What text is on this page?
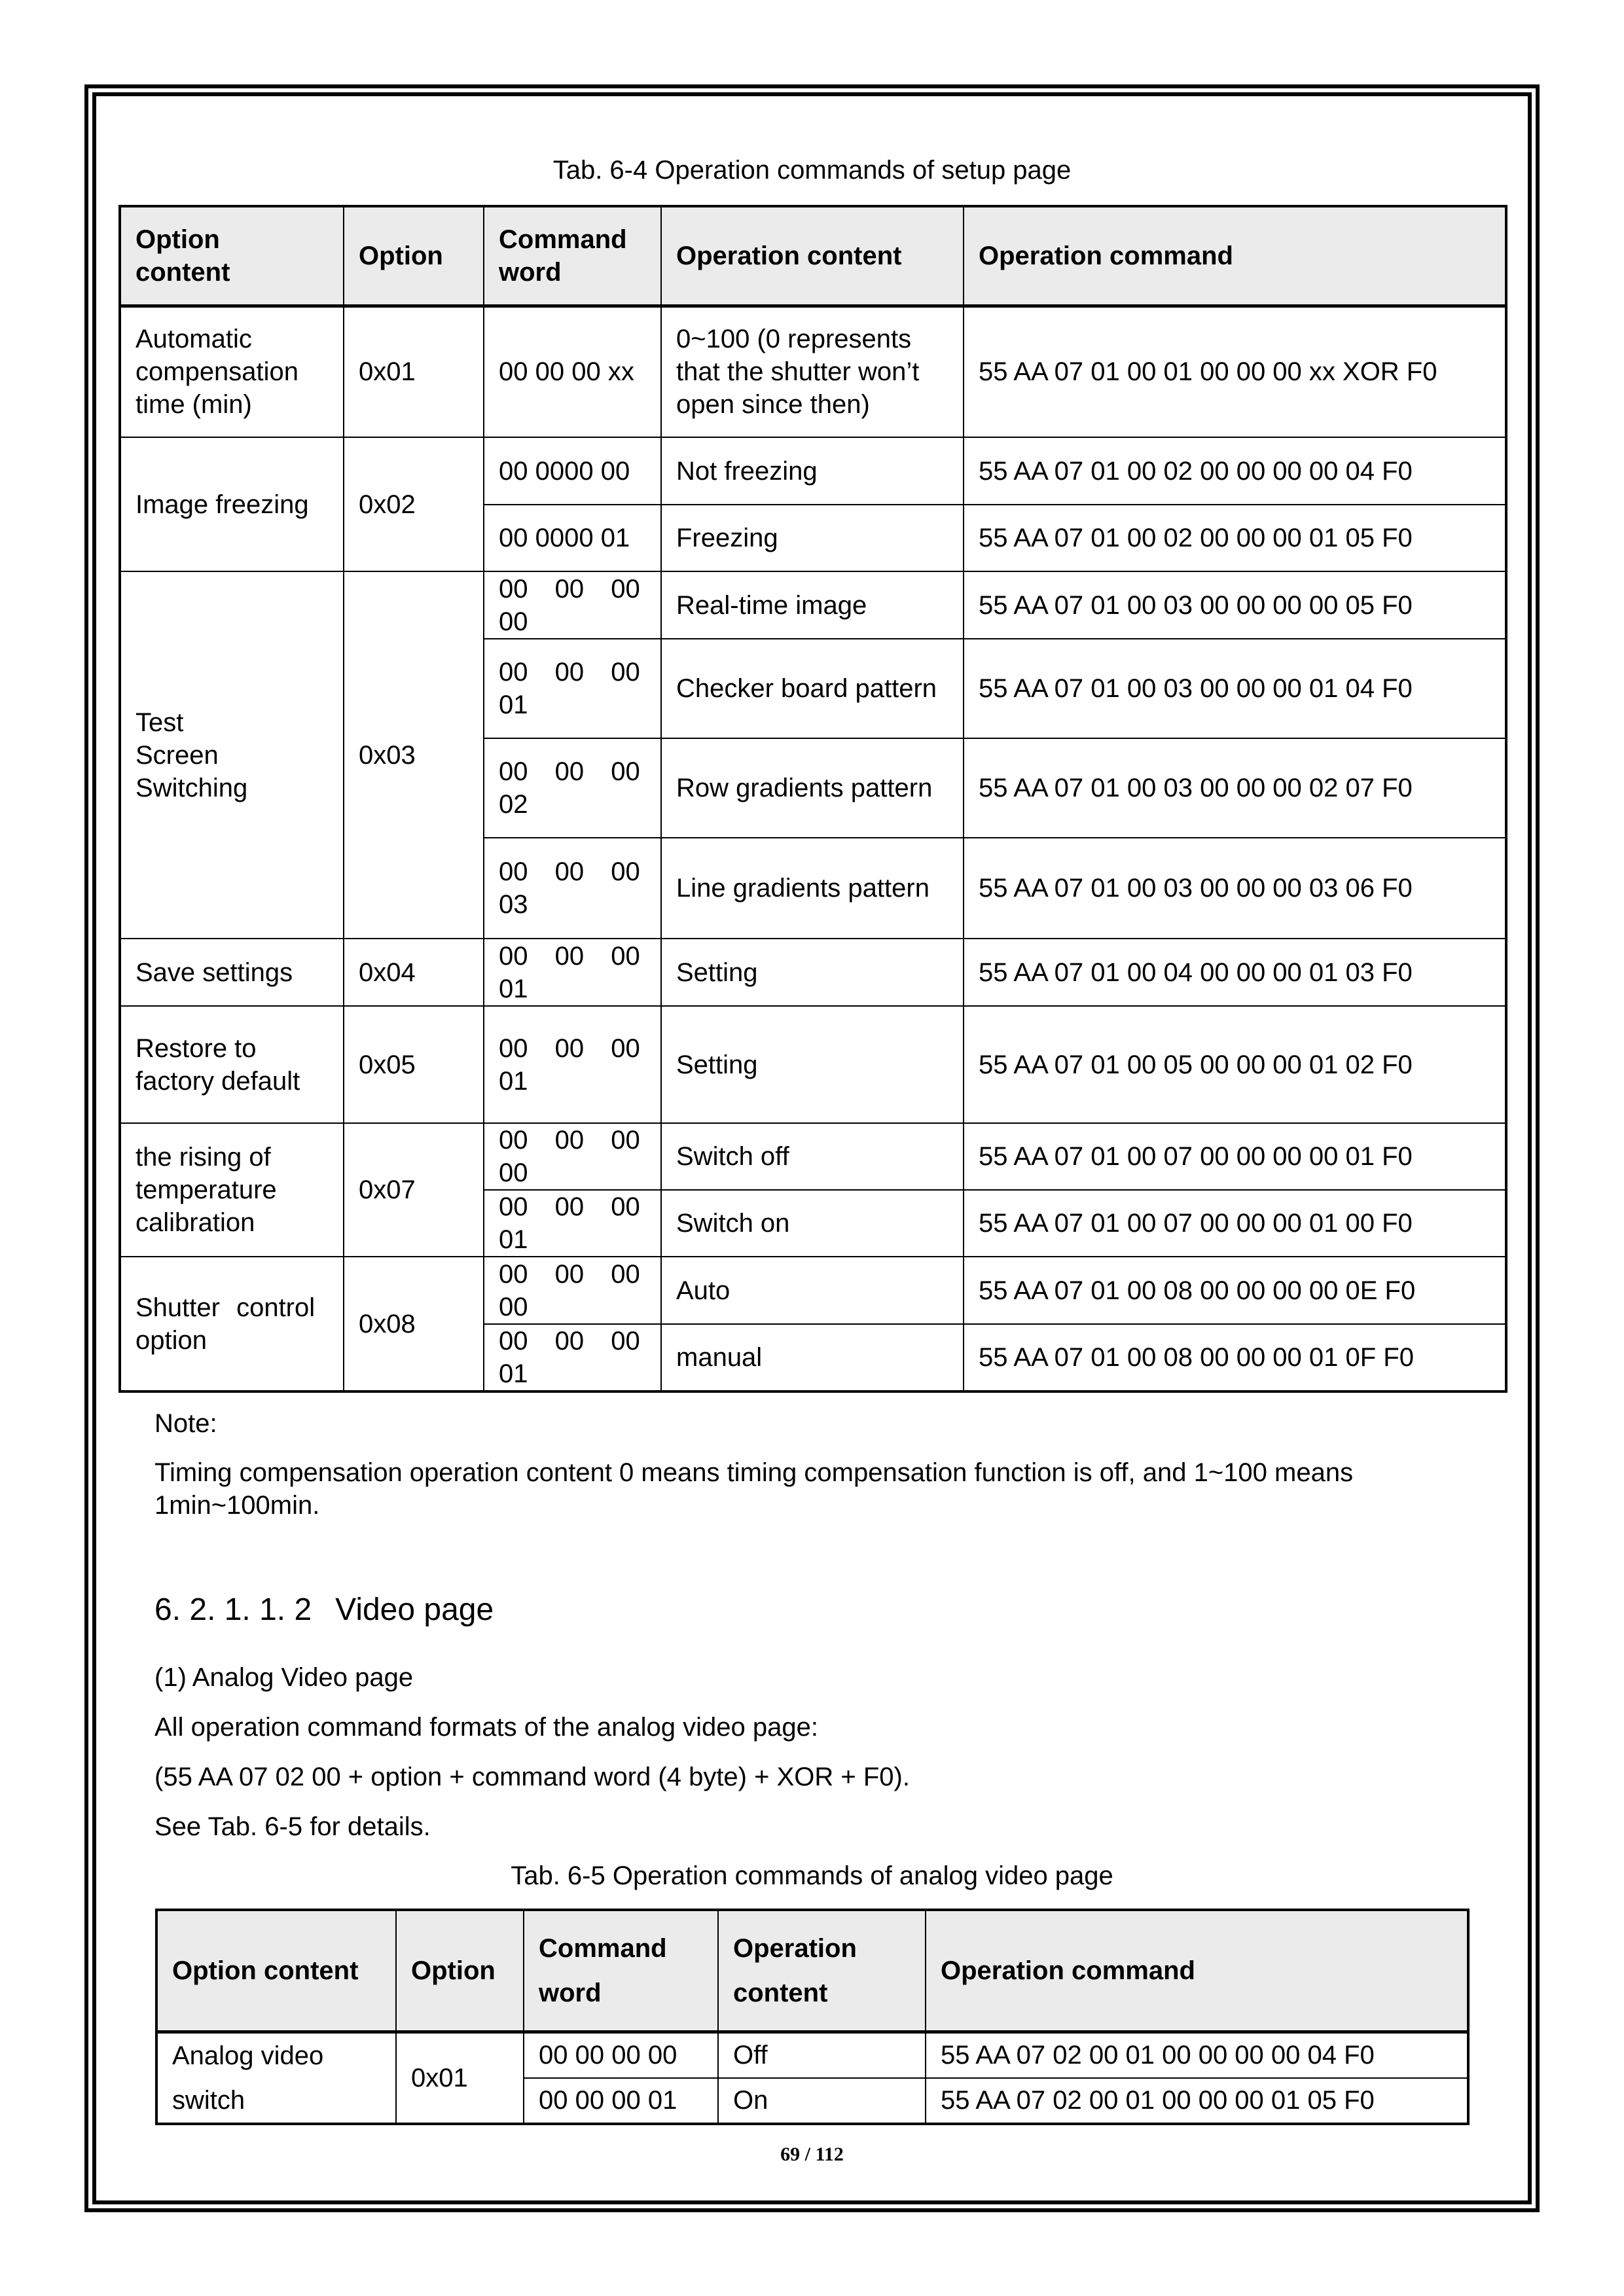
Tab. 6-4 Operation commands of setup page
Option content	Option	Command word	Operation content	Operation command
Automatic compensation time (min)	0x01	00 00 00 xx	0~100 (0 represents that the shutter won’t open since then)	55 AA 07 01 00 01 00 00 00 xx XOR F0
Image freezing	0x02	00 0000 00	Not freezing	55 AA 07 01 00 02 00 00 00 00 04 F0
		00 0000 01	Freezing	55 AA 07 01 00 02 00 00 00 01 05 F0

Test
Screen
Switching	0x03	00 00 00 00	Real-time image	55 AA 07 01 00 03 00 00 00 00 05 F0
		00 00 00 01	Checker board pattern	55 AA 07 01 00 03 00 00 00 01 04 F0
		00 00 00 02	Row gradients pattern	55 AA 07 01 00 03 00 00 00 02 07 F0
		00 00 00 03	Line gradients pattern	55 AA 07 01 00 03 00 00 00 03 06 F0
Save settings	0x04	00 00 00 01	Setting	55 AA 07 01 00 04 00 00 00 01 03 F0

Restore to
factory default	0x05	00 00 00 01	Setting	55 AA 07 01 00 05 00 00 00 01 02 F0
the rising of temperature calibration	0x07	00 00 00 00	Switch off	55 AA 07 01 00 07 00 00 00 00 01 F0
		00 00 00 01	Switch on	55 AA 07 01 00 07 00 00 00 01 00 F0
Shutter control option	0x08	00 00 00 00	Auto	55 AA 07 01 00 08 00 00 00 00 0E F0
		00 00 00 01	manual	55 AA 07 01 00 08 00 00 00 01 0F F0
Note:
Timing compensation operation content 0 means timing compensation function is off, and 1~100 means 1min~100min.
6. 2. 1. 1. 2 Video page
(1) Analog Video page
All operation command formats of the analog video page:
(55 AA 07 02 00 + option + command word (4 byte) + XOR + F0).
See Tab. 6-5 for details.
Tab. 6-5 Operation commands of analog video page
Option content	Option	Command word	Operation content	Operation command

Analog video
switch	0x01	00 00 00 00	Off	55 AA 07 02 00 01 00 00 00 00 04 F0
		00 00 00 01	On	55 AA 07 02 00 01 00 00 00 01 05 F0
69 / 112
